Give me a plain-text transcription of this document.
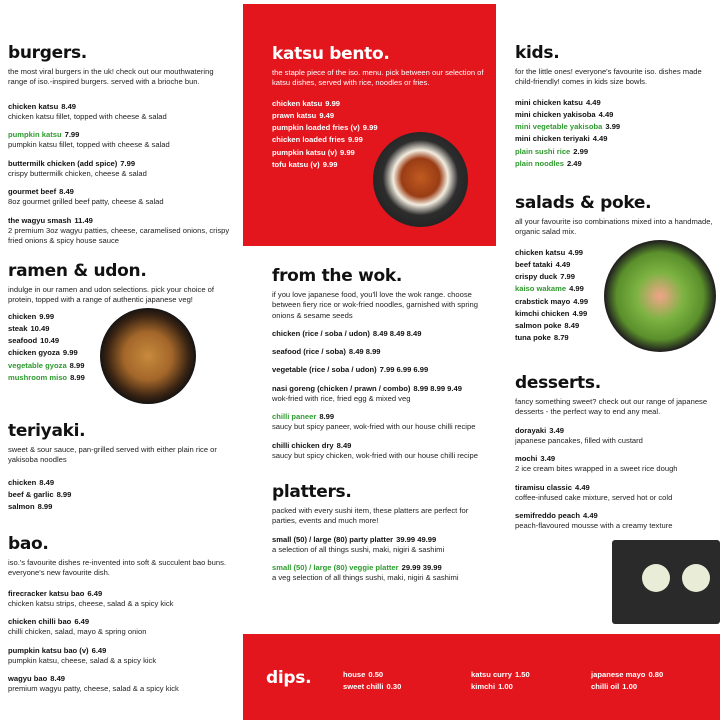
burgers.
the most viral burgers in the uk! check out our mouthwatering range of iso.-inspired burgers. served with a brioche bun.
chicken katsu 8.49
chicken katsu fillet, topped with cheese & salad
pumpkin katsu 7.99
pumpkin katsu fillet, topped with cheese & salad
buttermilk chicken (add spice) 7.99
crispy buttermilk chicken, cheese & salad
gourmet beef 8.49
8oz gourmet grilled beef patty, cheese & salad
the wagyu smash 11.49
2 premium 3oz wagyu patties, cheese, caramelised onions, crispy fried onions & spicy house sauce
ramen & udon.
indulge in our ramen and udon selections. pick your choice of protein, topped with a range of authentic japanese veg!
chicken 9.99
steak 10.49
seafood 10.49
chicken gyoza 9.99
vegetable gyoza 8.99
mushroom miso 8.99
teriyaki.
sweet & sour sauce, pan-grilled served with either plain rice or yakisoba noodles
chicken 8.49
beef & garlic 8.99
salmon 8.99
bao.
iso.'s favourite dishes re-invented into soft & succulent bao buns. everyone's new favourite dish.
firecracker katsu bao 6.49
chicken katsu strips, cheese, salad & a spicy kick
chicken chilli bao 6.49
chilli chicken, salad, mayo & spring onion
pumpkin katsu bao (v) 6.49
pumpkin katsu, cheese, salad & a spicy kick
wagyu bao 8.49
premium wagyu patty, cheese, salad & a spicy kick
katsu bento.
the staple piece of the iso. menu. pick between our selection of katsu dishes, served with rice, noodles or fries.
chicken katsu 9.99
prawn katsu 9.49
pumpkin loaded fries (v) 9.99
chicken loaded fries 9.99
pumpkin katsu (v) 9.99
tofu katsu (v) 9.99
from the wok.
if you love japanese food, you'll love the wok range. choose between fiery rice or wok-fried noodles, garnished with spring onions & sesame seeds
chicken (rice / soba / udon) 8.49 8.49 8.49
seafood (rice / soba) 8.49 8.99
vegetable (rice / soba / udon) 7.99 6.99 6.99
nasi goreng (chicken / prawn / combo) 8.99 8.99 9.49
wok-fried with rice, fried egg & mixed veg
chilli paneer 8.99
saucy but spicy paneer, wok-fried with our house chilli recipe
chilli chicken dry 8.49
saucy but spicy chicken, wok-fried with our house chilli recipe
platters.
packed with every sushi item, these platters are perfect for parties, events and much more!
small (50) / large (80) party platter 39.99 49.99
a selection of all things sushi, maki, nigiri & sashimi
small (50) / large (80) veggie platter 29.99 39.99
a veg selection of all things sushi, maki, nigiri & sashimi
kids.
for the little ones! everyone's favourite iso. dishes made child-friendly! comes in kids size bowls.
mini chicken katsu 4.49
mini chicken yakisoba 4.49
mini vegetable yakisoba 3.99
mini chicken teriyaki 4.49
plain sushi rice 2.99
plain noodles 2.49
salads & poke.
all your favourite iso combinations mixed into a handmade, organic salad mix.
chicken katsu 4.99
beef tataki 4.49
crispy duck 7.99
kaiso wakame 4.99
crabstick mayo 4.99
kimchi chicken 4.99
salmon poke 8.49
tuna poke 8.79
desserts.
fancy something sweet? check out our range of japanese desserts - the perfect way to end any meal.
dorayaki 3.49
japanese pancakes, filled with custard
mochi 3.49
2 ice cream bites wrapped in a sweet rice dough
tiramisu classic 4.49
coffee-infused cake mixture, served hot or cold
semifreddo peach 4.49
peach-flavoured mousse with a creamy texture
dips.	house 0.50
sweet chilli 0.30
katsu curry 1.50
kimchi 1.00
japanese mayo 0.80
chilli oil 1.00
